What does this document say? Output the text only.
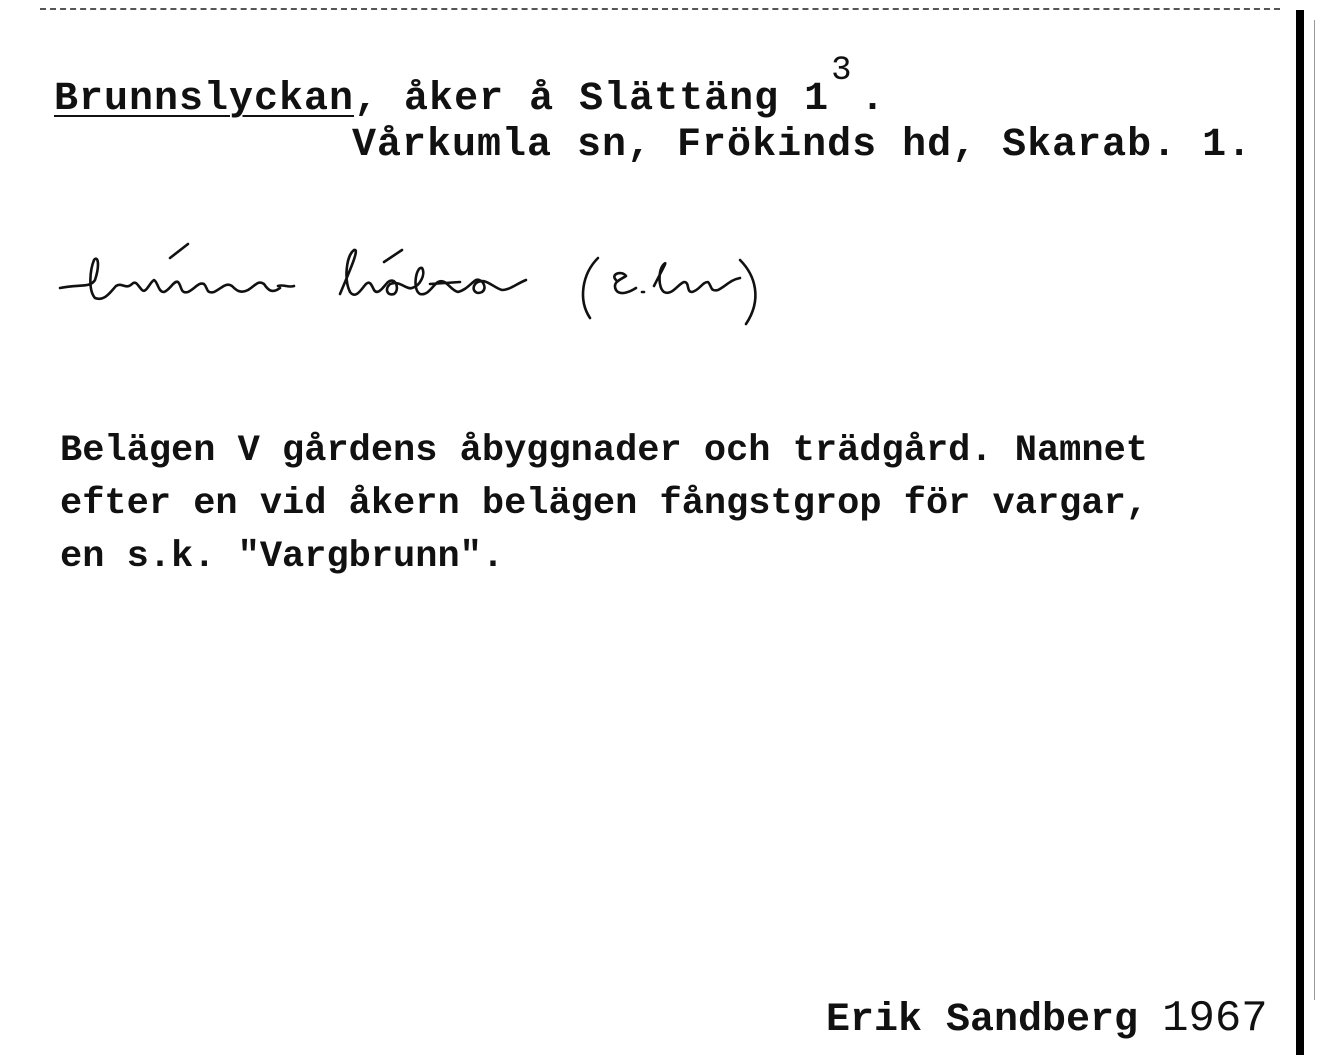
Brunnslyckan, åker å Slättäng $1^3$.
Vårkumla sn, Frökinds hd, Skarab. 1.
brúnslöka (E.Bu)
Belägen V gårdens åbyggnader och trädgård. Namnet
efter en vid åkern belägen fångstgrop för vargar,
en s.k. "Vargbrunn".
Erik Sandberg 1967
